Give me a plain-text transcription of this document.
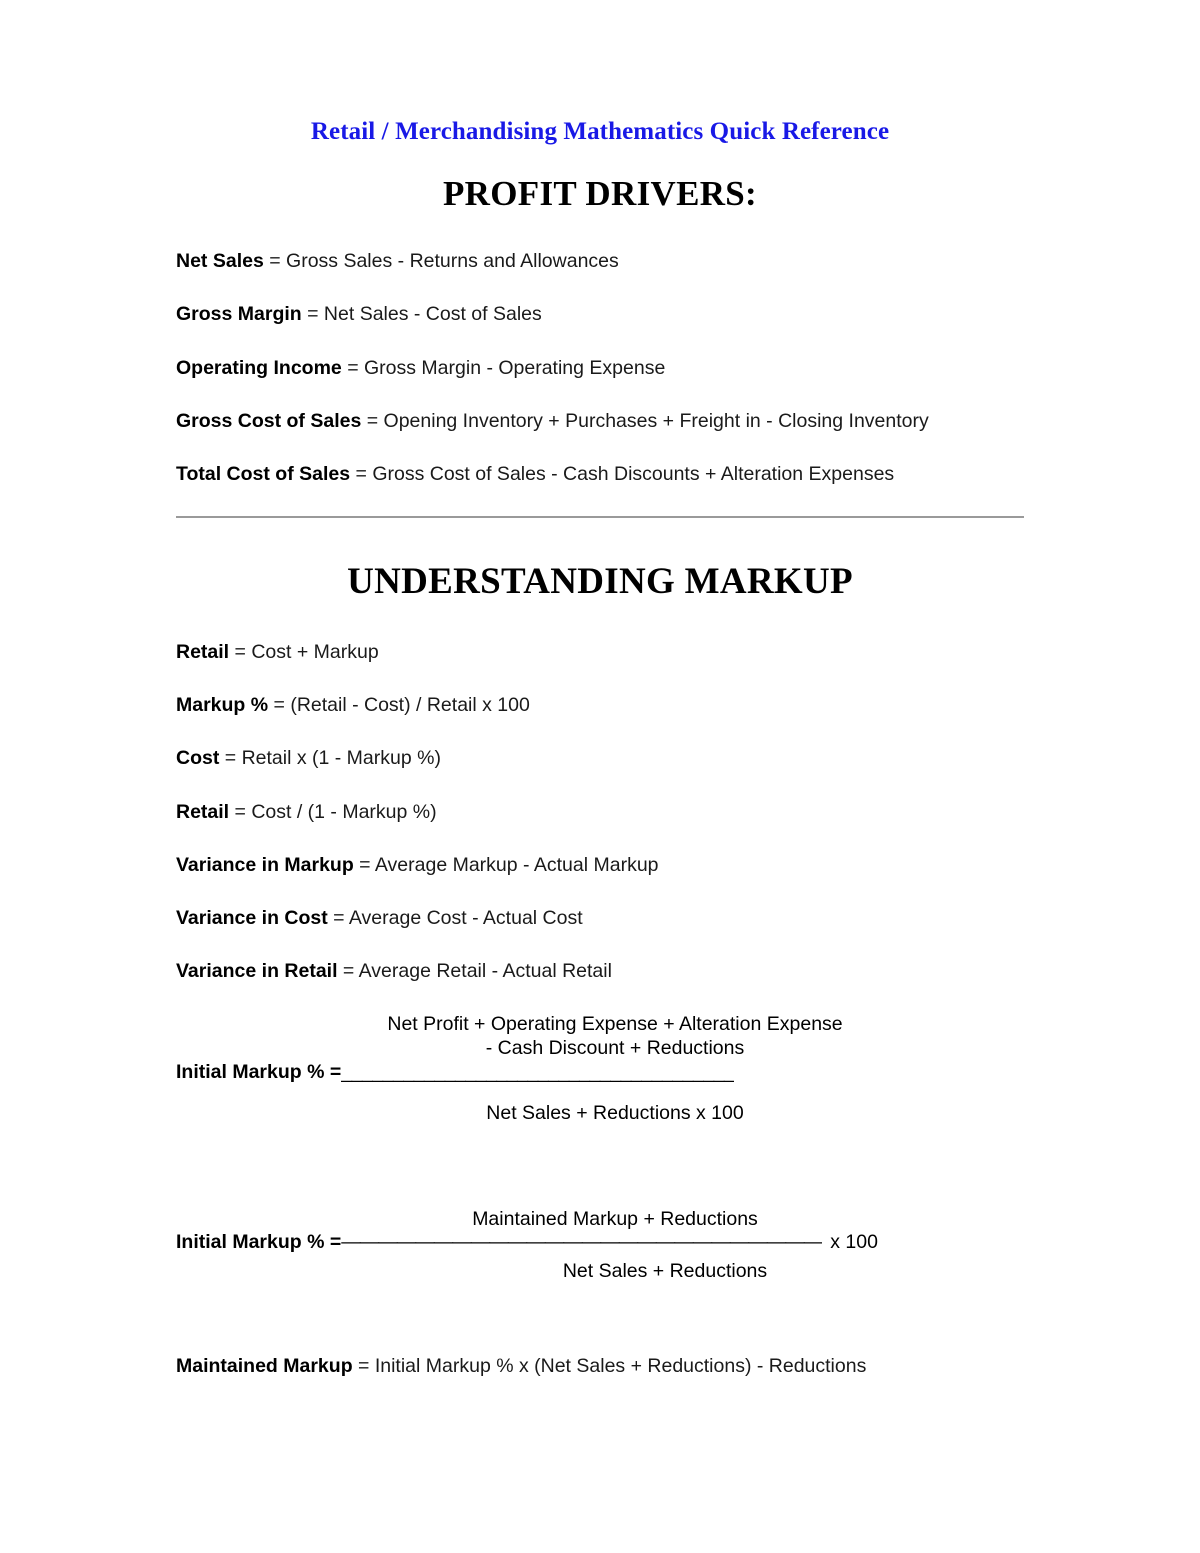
Retail / Merchandising Mathematics Quick Reference
PROFIT DRIVERS:

Net Sales = Gross Sales - Returns and Allowances

Gross Margin = Net Sales - Cost of Sales

Operating Income = Gross Margin - Operating Expense

Gross Cost of Sales = Opening Inventory + Purchases + Freight in - Closing Inventory

Total Cost of Sales = Gross Cost of Sales - Cash Discounts + Alteration Expenses

UNDERSTANDING MARKUP

Retail = Cost + Markup

Markup % = (Retail - Cost) / Retail x 100

Cost = Retail x (1 - Markup %)

Retail = Cost / (1 - Markup %)

Variance in Markup = Average Markup - Actual Markup

Variance in Cost = Average Cost - Actual Cost

Variance in Retail = Average Retail - Actual Retail

Net Profit + Operating Expense + Alteration Expense
- Cash Discount + Reductions
Initial Markup % = ______________________________________
Net Sales + Reductions x 100
Maintained Markup + Reductions
Initial Markup % = —————————————————————————— x 100
Net Sales + Reductions

Maintained Markup = Initial Markup % x (Net Sales + Reductions) - Reductions
